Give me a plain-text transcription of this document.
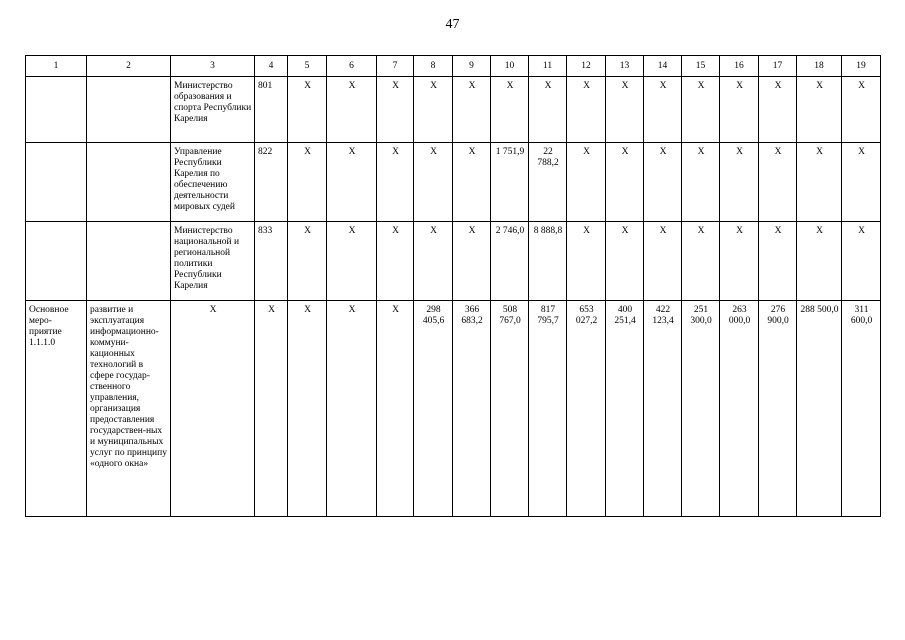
47
1	2	3	4	5	6	7	8	9	10	11	12	13	14	15	16	17	18	19
		Министерство образования и спорта Республики Карелия	801	X	X	X	X	X	X	X	X	X	X	X	X	X	X	X
		Управление Республики Карелия по обеспечению деятельности мировых судей	822	X	X	X	X	X	1 751,9	22 788,2	X	X	X	X	X	X	X	X
		Министерство национальной и региональной политики Республики Карелия	833	X	X	X	X	X	2 746,0	8 888,8	X	X	X	X	X	X	X	X
Основное меро-приятие 1.1.1.0	развитие и эксплуатация информационно-коммуни-кационных технологий в сфере государ-ственного управления, организация предоставления государствен-ных и муниципальных услуг по принципу «одного окна»	X	X	X	X	X	298 405,6	366 683,2	508 767,0	817 795,7	653 027,2	400 251,4	422 123,4	251 300,0	263 000,0	276 900,0	288 500,0	311 600,0
